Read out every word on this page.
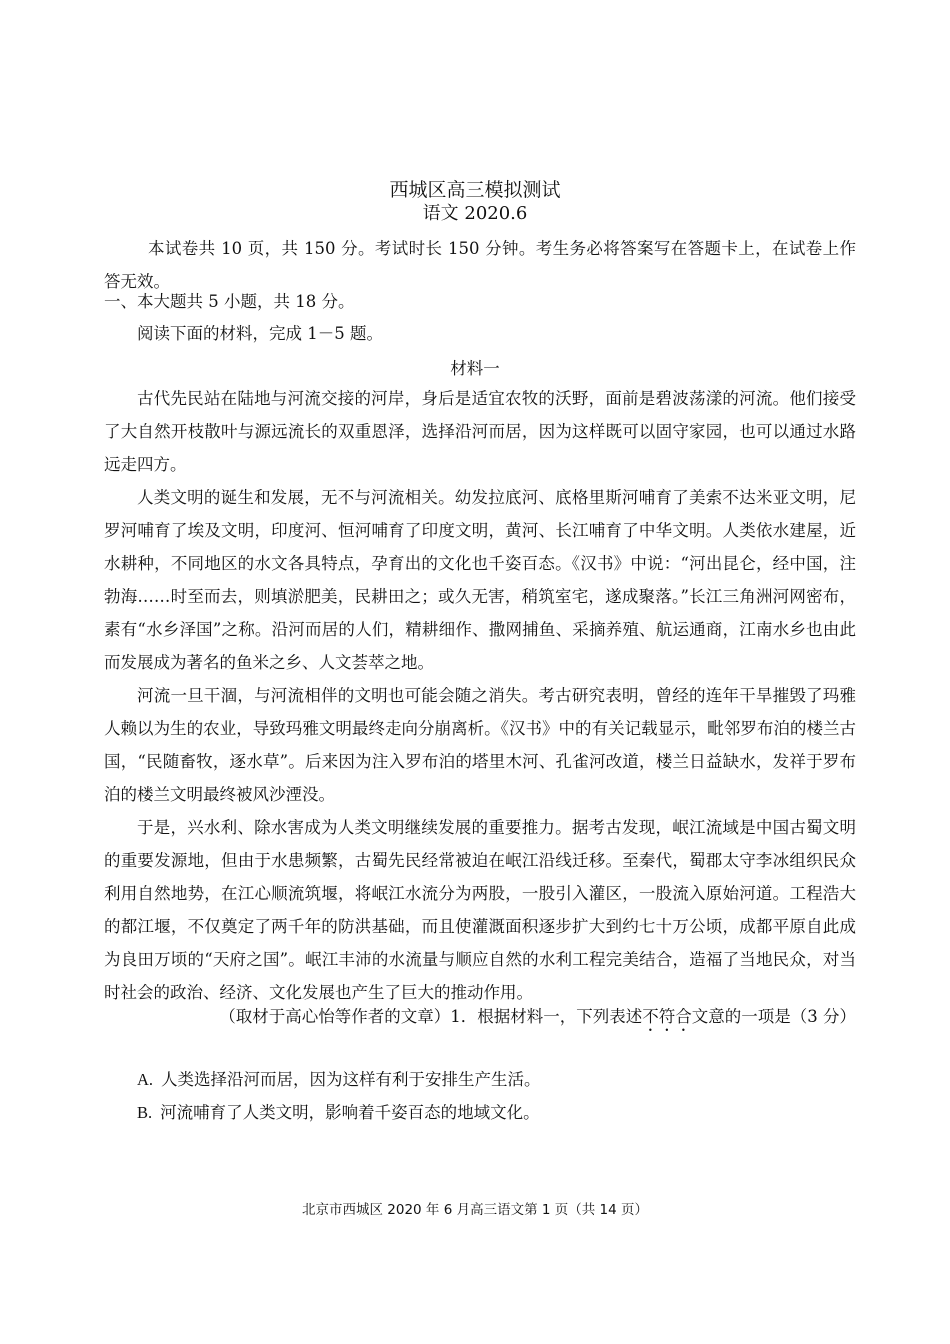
西城区高三模拟测试
语文 2020.6

本试卷共 10 页，共 150 分。考试时长 150 分钟。考生务必将答案写在答题卡上，在试卷上作答无效。

一、本大题共 5 小题，共 18 分。
阅读下面的材料，完成 1－5 题。
材料一

古代先民站在陆地与河流交接的河岸，身后是适宜农牧的沃野，面前是碧波荡漾的河流。他们接受了大自然开枝散叶与源远流长的双重恩泽，选择沿河而居，因为这样既可以固守家园，也可以通过水路远走四方。

人类文明的诞生和发展，无不与河流相关。幼发拉底河、底格里斯河哺育了美索不达米亚文明，尼罗河哺育了埃及文明，印度河、恒河哺育了印度文明，黄河、长江哺育了中华文明。人类依水建屋，近水耕种，不同地区的水文各具特点，孕育出的文化也千姿百态。《汉书》中说：“河出昆仑，经中国，注勃海……时至而去，则填淤肥美，民耕田之；或久无害，稍筑室宅，遂成聚落。”长江三角洲河网密布，素有“水乡泽国”之称。沿河而居的人们，精耕细作、撒网捕鱼、采摘养殖、航运通商，江南水乡也由此而发展成为著名的鱼米之乡、人文荟萃之地。

河流一旦干涸，与河流相伴的文明也可能会随之消失。考古研究表明，曾经的连年干旱摧毁了玛雅人赖以为生的农业，导致玛雅文明最终走向分崩离析。《汉书》中的有关记载显示，毗邻罗布泊的楼兰古国，“民随畜牧，逐水草”。后来因为注入罗布泊的塔里木河、孔雀河改道，楼兰日益缺水，发祥于罗布泊的楼兰文明最终被风沙湮没。

于是，兴水利、除水害成为人类文明继续发展的重要推力。据考古发现，岷江流域是中国古蜀文明的重要发源地，但由于水患频繁，古蜀先民经常被迫在岷江沿线迁移。至秦代，蜀郡太守李冰组织民众利用自然地势，在江心顺流筑堰，将岷江水流分为两股，一股引入灌区，一股流入原始河道。工程浩大的都江堰，不仅奠定了两千年的防洪基础，而且使灌溉面积逐步扩大到约七十万公顷，成都平原自此成为良田万顷的“天府之国”。岷江丰沛的水流量与顺应自然的水利工程完美结合，造福了当地民众，对当时社会的政治、经济、文化发展也产生了巨大的推动作用。

（取材于高心怡等作者的文章）1．根据材料一，下列表述不符合文意的一项是（3 分）
A. 人类选择沿河而居，因为这样有利于安排生产生活。
B. 河流哺育了人类文明，影响着千姿百态的地域文化。
北京市西城区 2020 年 6 月高三语文第 1 页（共 14 页）
